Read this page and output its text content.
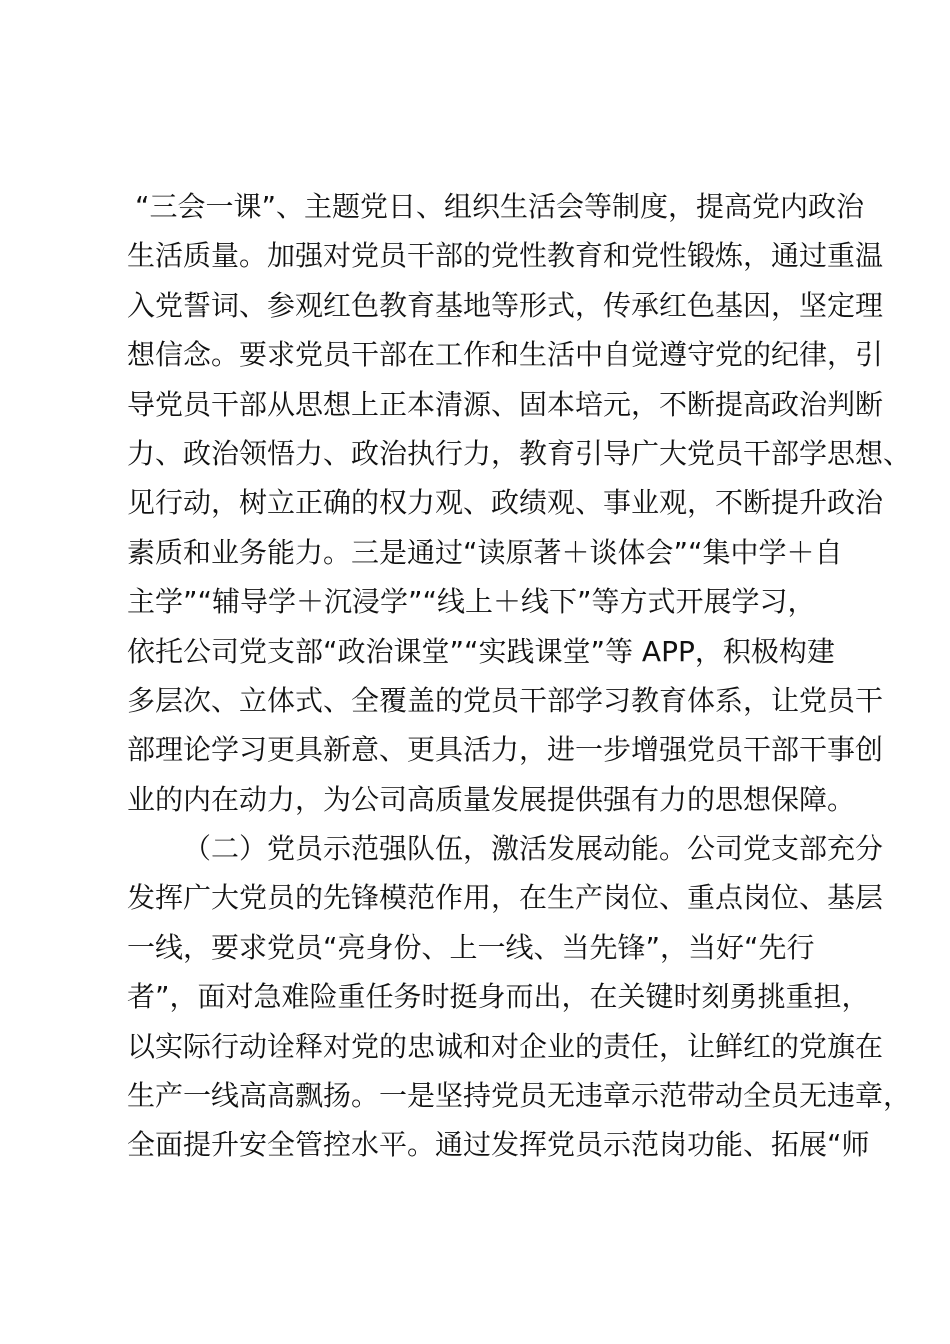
“三会一课”、主题党日、组织生活会等制度，提高党内政治
生活质量。加强对党员干部的党性教育和党性锻炼，通过重温
入党誓词、参观红色教育基地等形式，传承红色基因，坚定理
想信念。要求党员干部在工作和生活中自觉遵守党的纪律，引
导党员干部从思想上正本清源、固本培元，不断提高政治判断
力、政治领悟力、政治执行力，教育引导广大党员干部学思想、
见行动，树立正确的权力观、政绩观、事业观，不断提升政治
素质和业务能力。三是通过“读原著＋谈体会”“集中学＋自
主学”“辅导学＋沉浸学”“线上＋线下”等方式开展学习，
依托公司党支部“政治课堂”“实践课堂”等 APP，积极构建
多层次、立体式、全覆盖的党员干部学习教育体系，让党员干
部理论学习更具新意、更具活力，进一步增强党员干部干事创
业的内在动力，为公司高质量发展提供强有力的思想保障。
（二）党员示范强队伍，激活发展动能。公司党支部充分
发挥广大党员的先锋模范作用，在生产岗位、重点岗位、基层
一线，要求党员“亮身份、上一线、当先锋”，当好“先行
者”，面对急难险重任务时挺身而出，在关键时刻勇挑重担，
以实际行动诠释对党的忠诚和对企业的责任，让鲜红的党旗在
生产一线高高飘扬。一是坚持党员无违章示范带动全员无违章，
全面提升安全管控水平。通过发挥党员示范岗功能、拓展“师
